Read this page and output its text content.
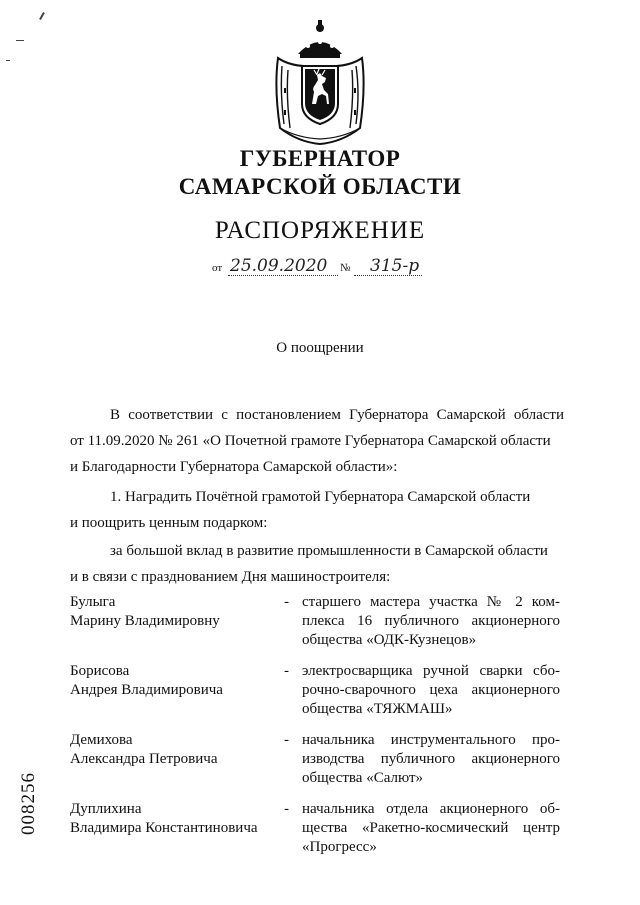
ГУБЕРНАТОР
САМАРСКОЙ ОБЛАСТИ
РАСПОРЯЖЕНИЕ
от 25.09.2020 № 315-р
О поощрении
В соответствии с постановлением Губернатора Самарской области
от 11.09.2020 № 261 «О Почетной грамоте Губернатора Самарской области
и Благодарности Губернатора Самарской области»:
1. Наградить Почётной грамотой Губернатора Самарской области
и поощрить ценным подарком:
за большой вклад в развитие промышленности в Самарской области
и в связи с празднованием Дня машиностроителя:
Булыга
Марину Владимировну
- старшего мастера участка № 2 ком-
плекса 16 публичного акционерного
общества «ОДК-Кузнецов»
Борисова
Андрея Владимировича
- электросварщика ручной сварки сбо-
рочно-сварочного цеха акционерного
общества «ТЯЖМАШ»
Демихова
Александра Петровича
- начальника инструментального про-
изводства публичного акционерного
общества «Салют»
Дуплихина
Владимира Константиновича
- начальника отдела акционерного об-
щества «Ракетно-космический центр
«Прогресс»
008256
